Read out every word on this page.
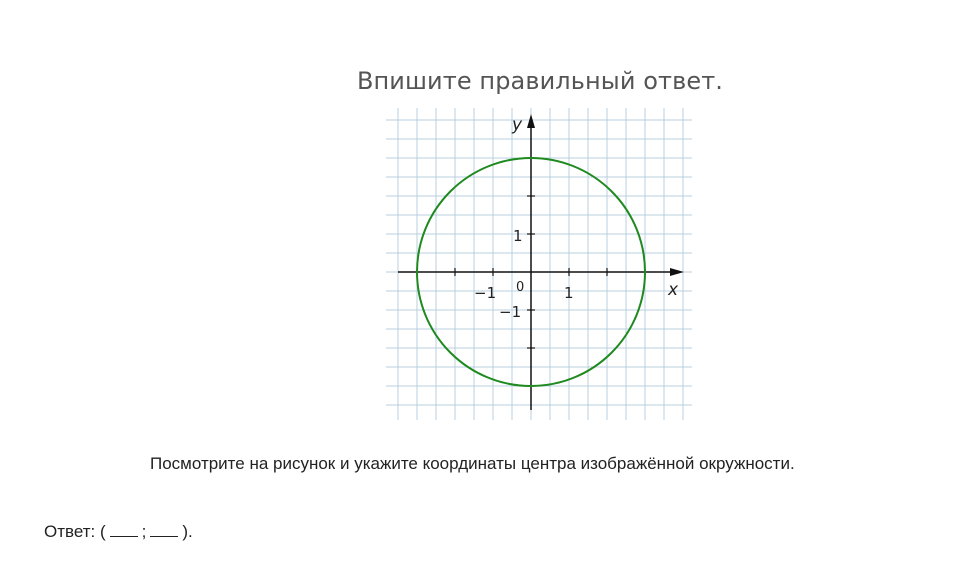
Впишите правильный ответ.
x
y
0
−1	1
1
−1
Посмотрите на рисунок и укажите координаты центра изображённой окружности.
Ответ: ( ; ).
